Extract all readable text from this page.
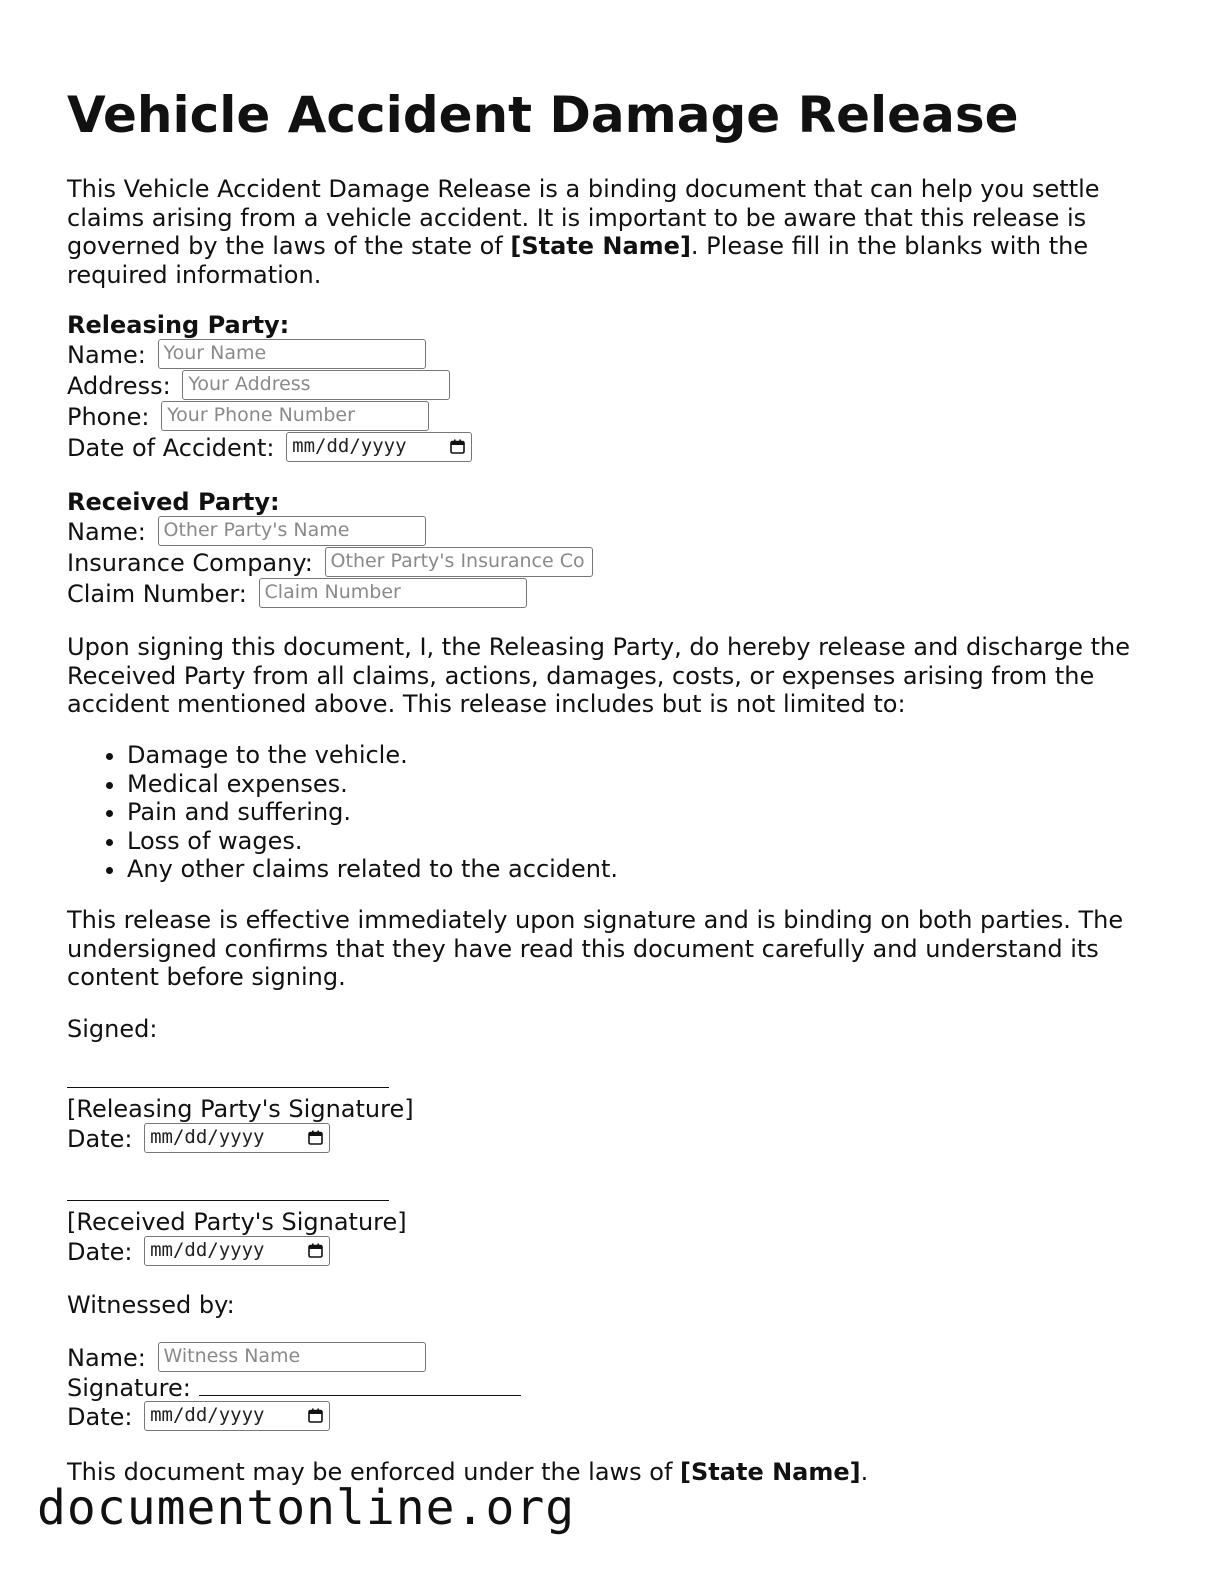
Vehicle Accident Damage Release

This Vehicle Accident Damage Release is a binding document that can help you settle claims arising from a vehicle accident. It is important to be aware that this release is governed by the laws of the state of [State Name]. Please fill in the blanks with the required information.

Releasing Party:
Name: Your Name
Address: Your Address
Phone: Your Phone Number
Date of Accident: mm/dd/yyyy
Received Party:
Name: Other Party's Name
Insurance Company: Other Party's Insurance Co
Claim Number: Claim Number

Upon signing this document, I, the Releasing Party, do hereby release and discharge the Received Party from all claims, actions, damages, costs, or expenses arising from the accident mentioned above. This release includes but is not limited to:

• Damage to the vehicle.
• Medical expenses.
• Pain and suffering.
• Loss of wages.
• Any other claims related to the accident.

This release is effective immediately upon signature and is binding on both parties. The undersigned confirms that they have read this document carefully and understand its content before signing.

Signed:
[Releasing Party's Signature]
Date: mm/dd/yyyy
[Received Party's Signature]
Date: mm/dd/yyyy
Witnessed by:
Name: Witness Name
Signature:
Date: mm/dd/yyyy

This document may be enforced under the laws of [State Name].

documentonline.org
